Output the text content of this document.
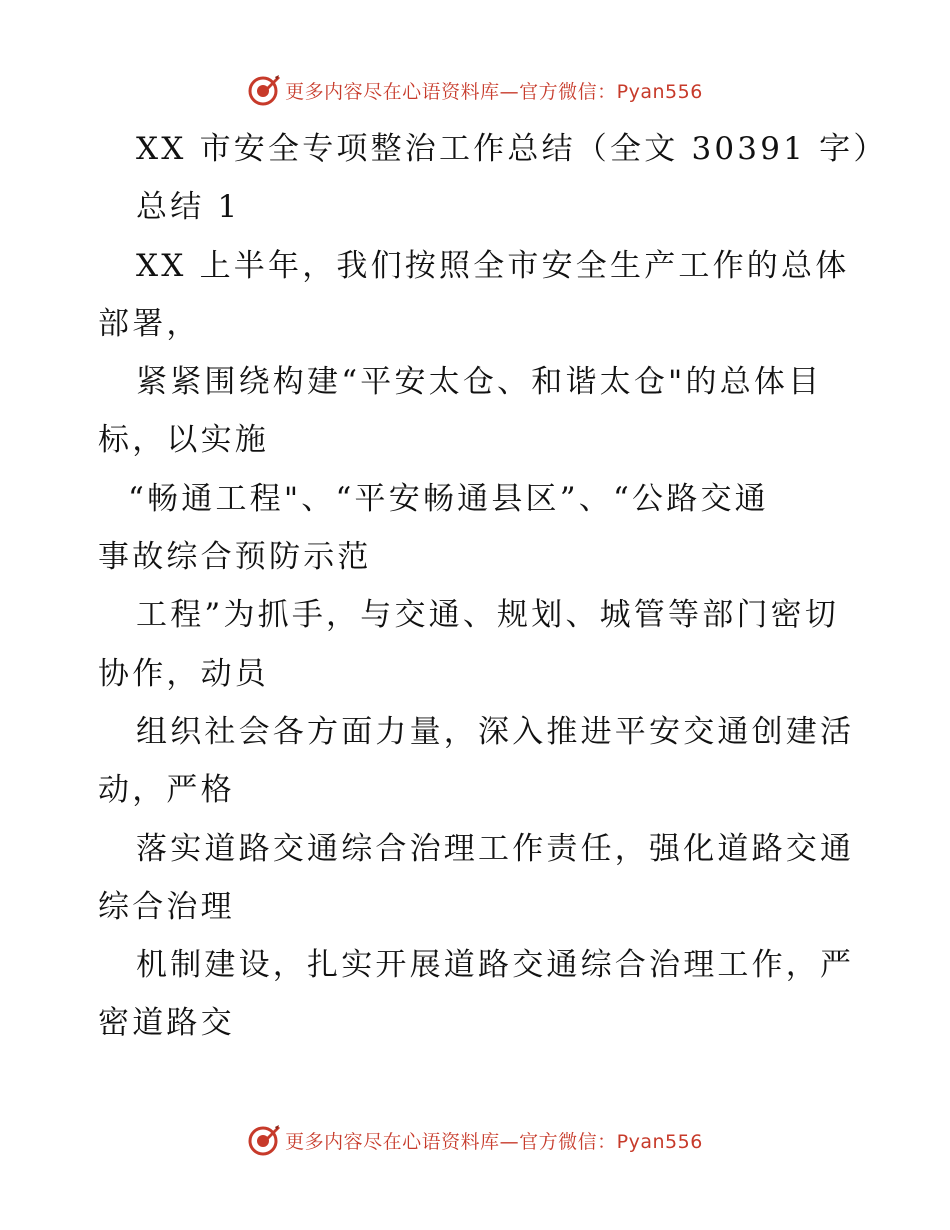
更多内容尽在心语资料库—官方微信：Pyan556
XX 市安全专项整治工作总结（全文 30391 字）
总结 1
XX 上半年，我们按照全市安全生产工作的总体
部署，
紧紧围绕构建“平安太仓、和谐太仓"的总体目
标，以实施
“畅通工程"、“平安畅通县区”、“公路交通
事故综合预防示范
工程”为抓手，与交通、规划、城管等部门密切
协作，动员
组织社会各方面力量，深入推进平安交通创建活
动，严格
落实道路交通综合治理工作责任，强化道路交通
综合治理
机制建设，扎实开展道路交通综合治理工作，严
密道路交
更多内容尽在心语资料库—官方微信：Pyan556
